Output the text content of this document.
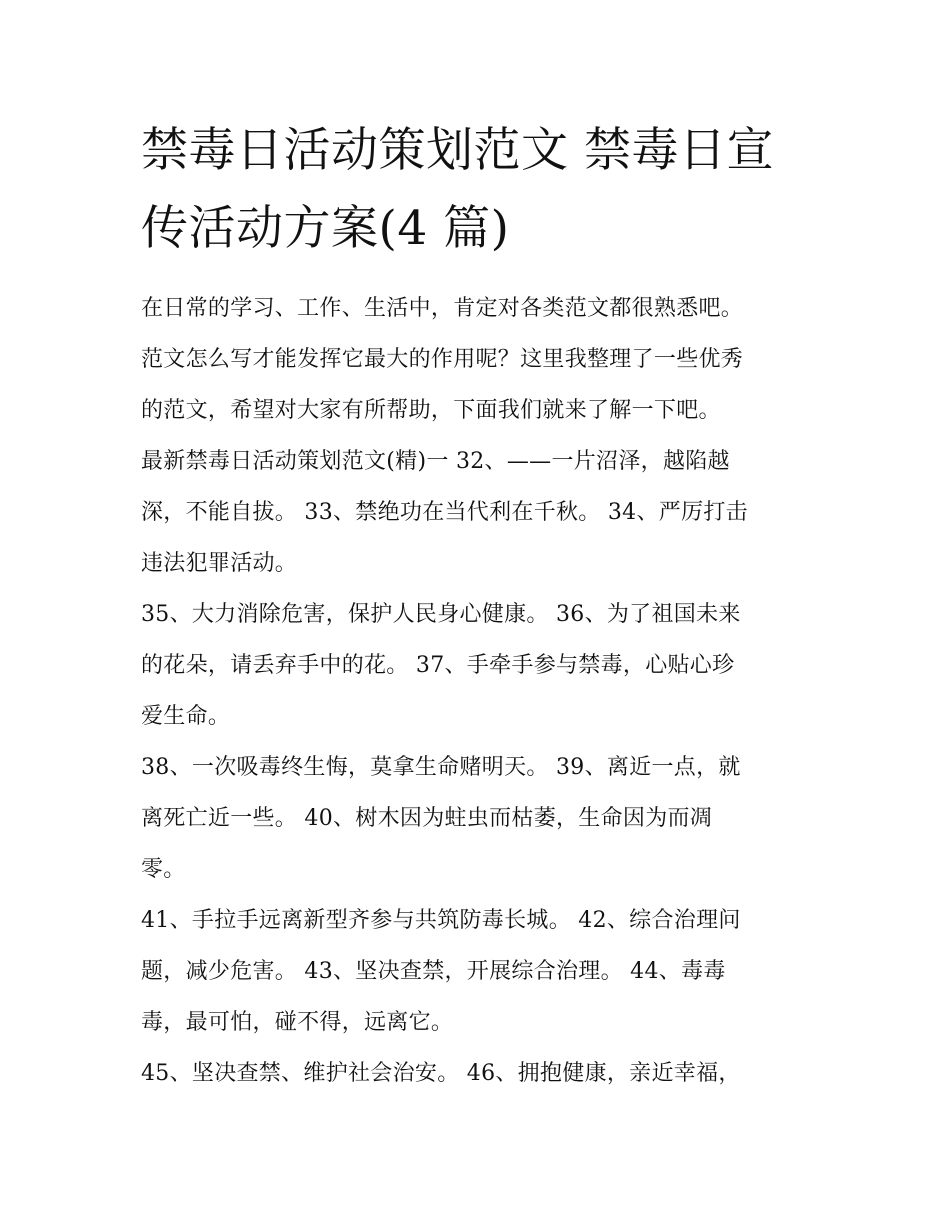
禁毒日活动策划范文 禁毒日宣
传活动方案(4 篇)
在日常的学习、工作、生活中，肯定对各类范文都很熟悉吧。
范文怎么写才能发挥它最大的作用呢？这里我整理了一些优秀
的范文，希望对大家有所帮助，下面我们就来了解一下吧。
最新禁毒日活动策划范文(精)一 32、——一片沼泽，越陷越
深，不能自拔。 33、禁绝功在当代利在千秋。 34、严厉打击
违法犯罪活动。
35、大力消除危害，保护人民身心健康。 36、为了祖国未来
的花朵，请丢弃手中的花。 37、手牵手参与禁毒，心贴心珍
爱生命。
38、一次吸毒终生悔，莫拿生命赌明天。 39、离近一点，就
离死亡近一些。 40、树木因为蛀虫而枯萎，生命因为而凋
零。
41、手拉手远离新型齐参与共筑防毒长城。 42、综合治理问
题，减少危害。 43、坚决查禁，开展综合治理。 44、毒毒
毒，最可怕，碰不得，远离它。
45、坚决查禁、维护社会治安。 46、拥抱健康，亲近幸福，
